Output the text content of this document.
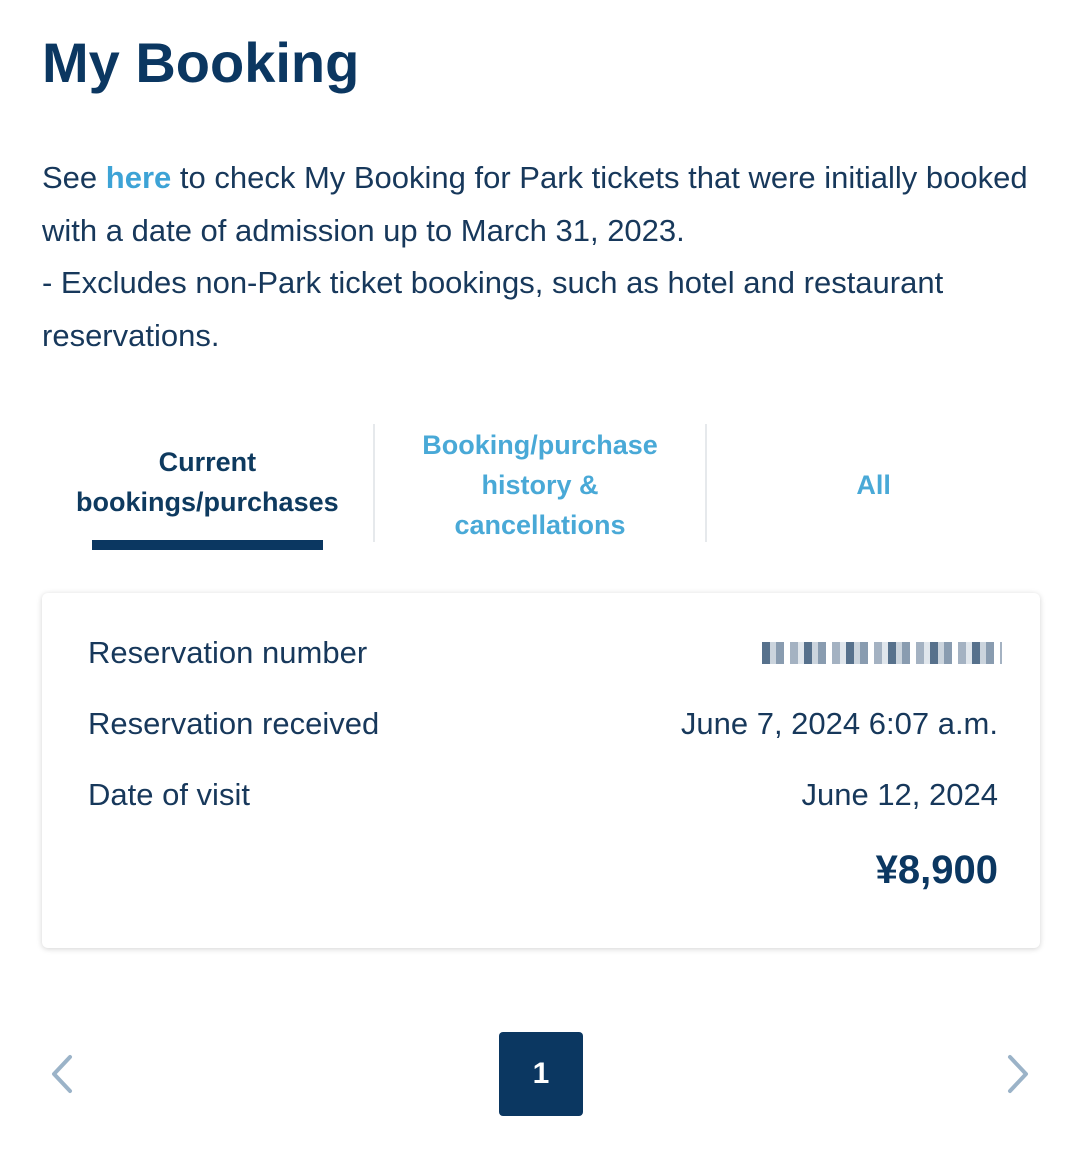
My Booking

See here to check My Booking for Park tickets that were initially booked with a date of admission up to March 31, 2023.
- Excludes non-Park ticket bookings, such as hotel and restaurant reservations.

Current
bookings/purchases
Booking/purchase
history &
cancellations
All
Reservation number
Reservation received	June 7, 2024 6:07 a.m.
Date of visit	June 12, 2024
¥8,900
1
